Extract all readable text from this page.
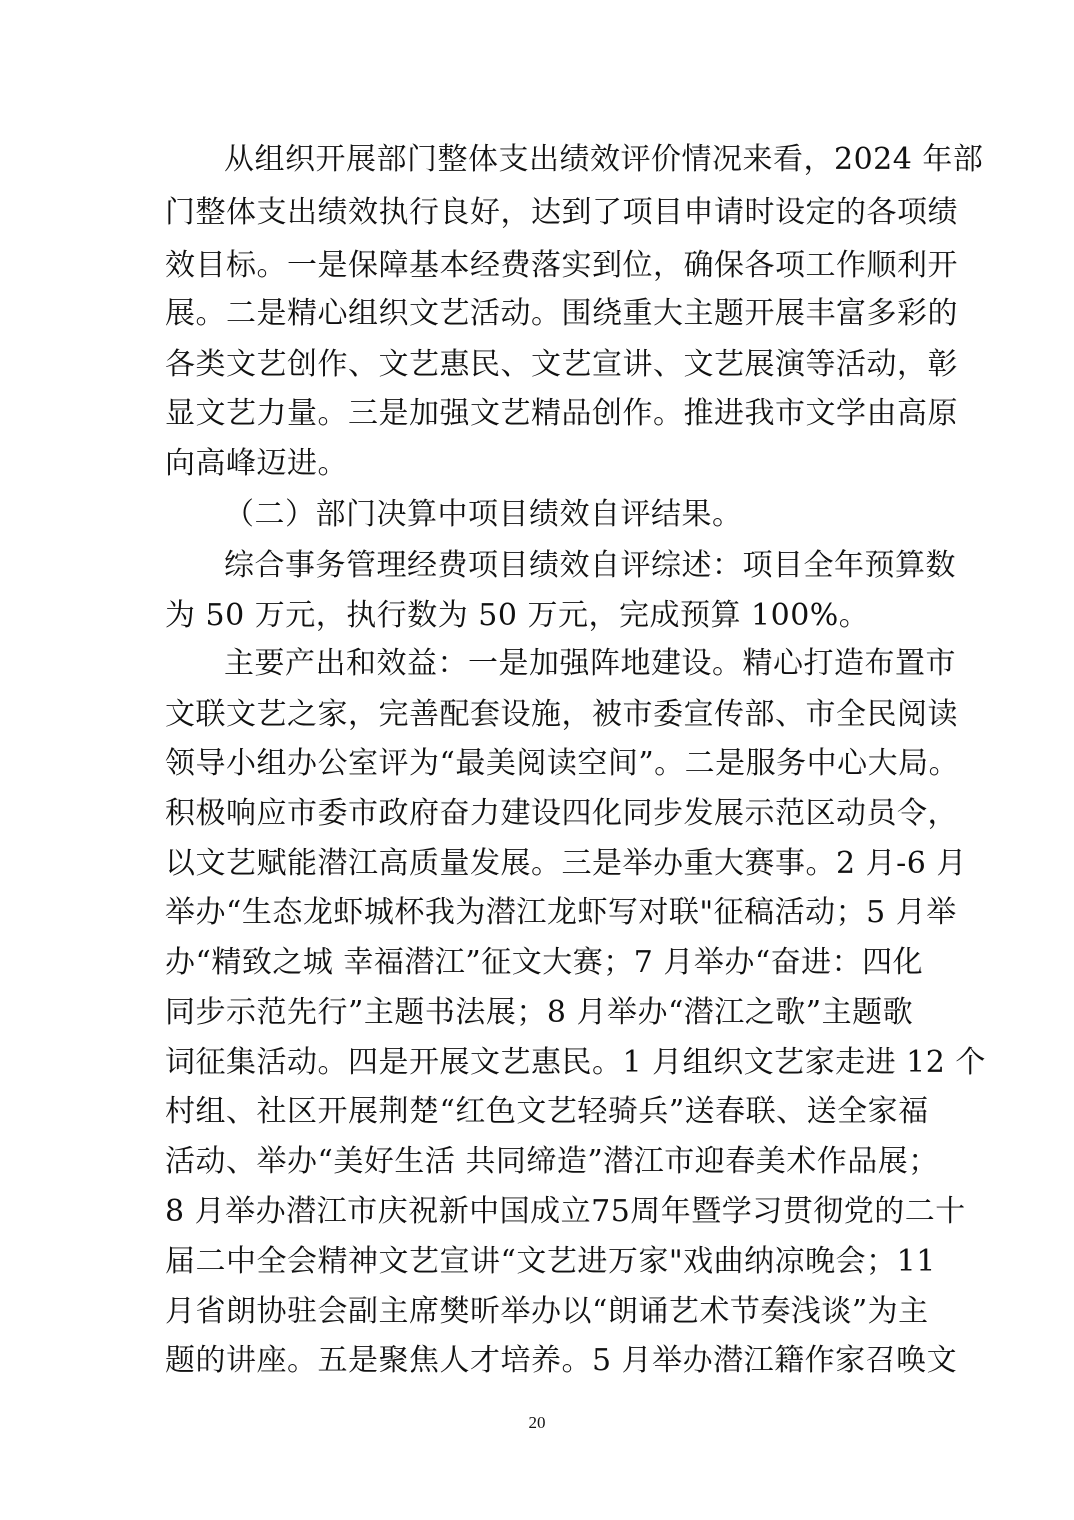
从组织开展部门整体支出绩效评价情况来看，2024 年部
门整体支出绩效执行良好，达到了项目申请时设定的各项绩
效目标。一是保障基本经费落实到位，确保各项工作顺利开
展。二是精心组织文艺活动。围绕重大主题开展丰富多彩的
各类文艺创作、文艺惠民、文艺宣讲、文艺展演等活动，彰
显文艺力量。三是加强文艺精品创作。推进我市文学由高原
向高峰迈进。
（二）部门决算中项目绩效自评结果。
综合事务管理经费项目绩效自评综述：项目全年预算数
为 50 万元，执行数为 50 万元，完成预算 100%。
主要产出和效益：一是加强阵地建设。精心打造布置市
文联文艺之家，完善配套设施，被市委宣传部、市全民阅读
领导小组办公室评为“最美阅读空间”。二是服务中心大局。
积极响应市委市政府奋力建设四化同步发展示范区动员令，
以文艺赋能潜江高质量发展。三是举办重大赛事。2 月-6 月
举办“生态龙虾城杯我为潜江龙虾写对联"征稿活动；5 月举
办“精致之城 幸福潜江”征文大赛；7 月举办“奋进：四化
同步示范先行”主题书法展；8 月举办“潜江之歌”主题歌
词征集活动。四是开展文艺惠民。1 月组织文艺家走进 12 个
村组、社区开展荆楚“红色文艺轻骑兵”送春联、送全家福
活动、举办“美好生活 共同缔造”潜江市迎春美术作品展；
8 月举办潜江市庆祝新中国成立75周年暨学习贯彻党的二十
届二中全会精神文艺宣讲“文艺进万家"戏曲纳凉晚会；11
月省朗协驻会副主席樊昕举办以“朗诵艺术节奏浅谈”为主
题的讲座。五是聚焦人才培养。5 月举办潜江籍作家召唤文
20
